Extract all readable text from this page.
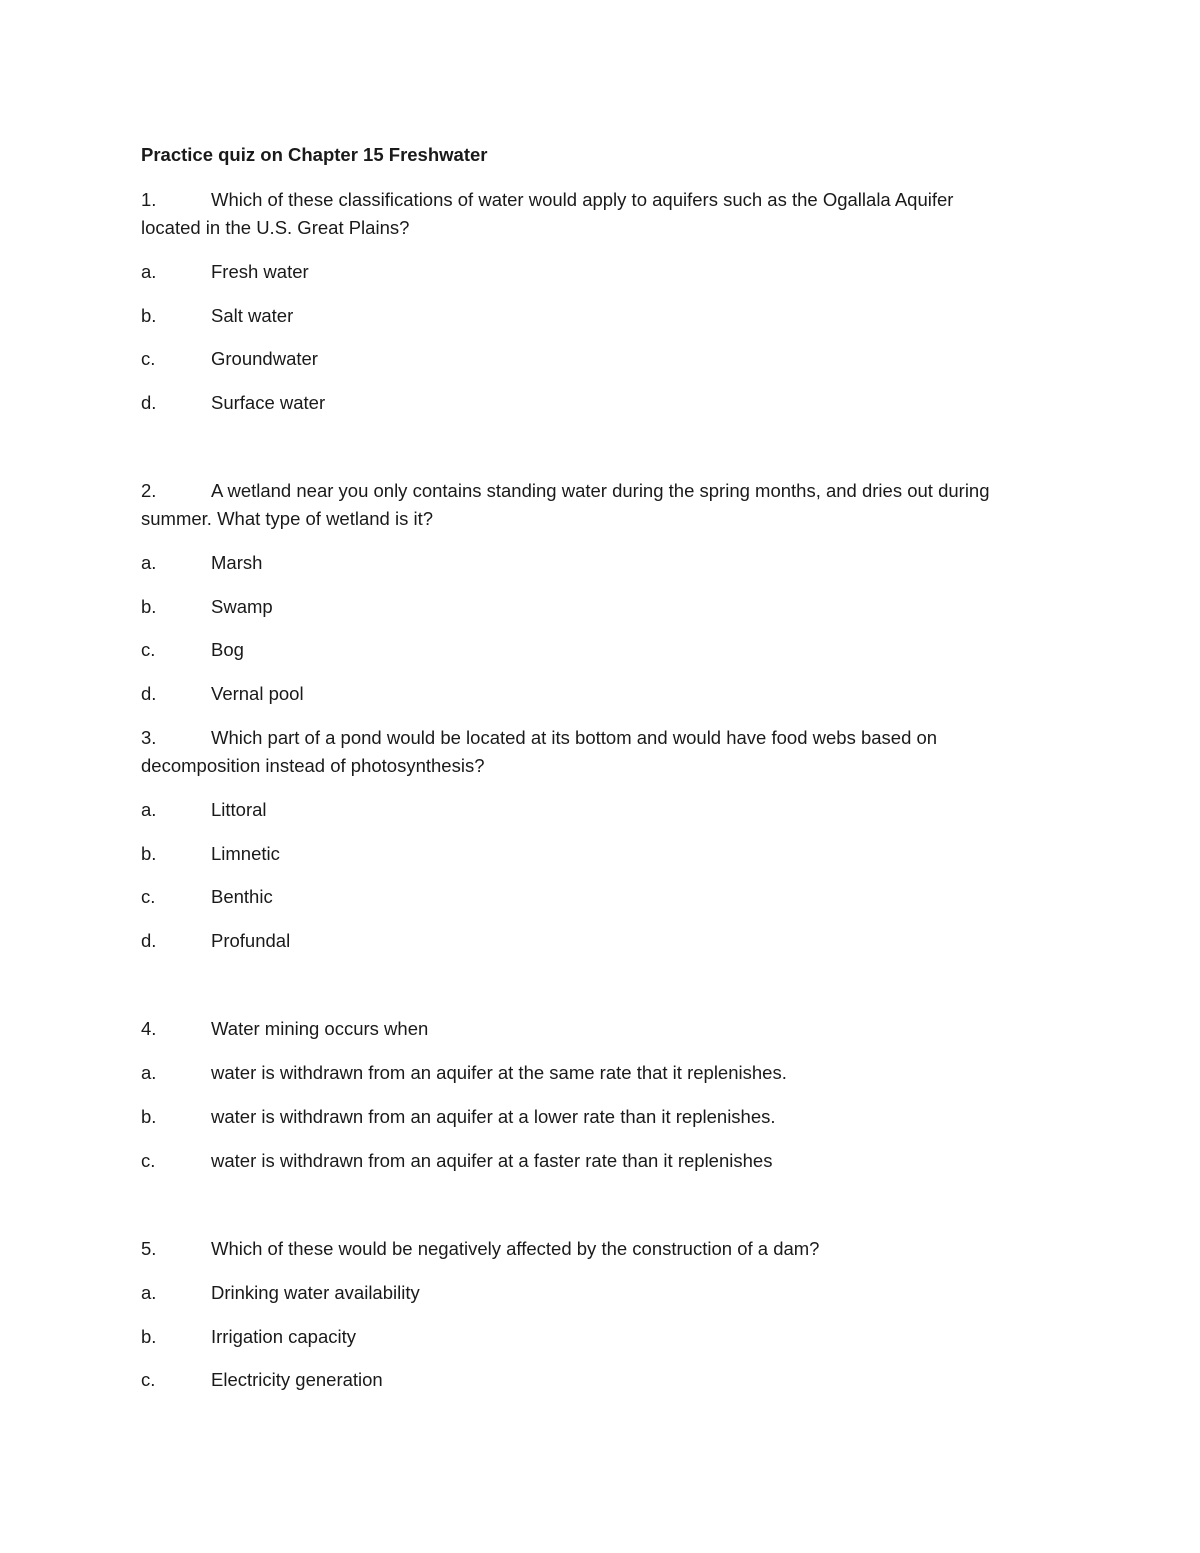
Practice quiz on Chapter 15 Freshwater
1.	Which of these classifications of water would apply to aquifers such as the Ogallala Aquifer
located in the U.S. Great Plains?
a.	Fresh water
b.	Salt water
c.	Groundwater
d.	Surface water
2.	A wetland near you only contains standing water during the spring months, and dries out during
summer. What type of wetland is it?
a.	Marsh
b.	Swamp
c.	Bog
d.	Vernal pool
3.	Which part of a pond would be located at its bottom and would have food webs based on
decomposition instead of photosynthesis?
a.	Littoral
b.	Limnetic
c.	Benthic
d.	Profundal
4.	Water mining occurs when
a.	water is withdrawn from an aquifer at the same rate that it replenishes.
b.	water is withdrawn from an aquifer at a lower rate than it replenishes.
c.	water is withdrawn from an aquifer at a faster rate than it replenishes
5.	Which of these would be negatively affected by the construction of a dam?
a.	Drinking water availability
b.	Irrigation capacity
c.	Electricity generation
